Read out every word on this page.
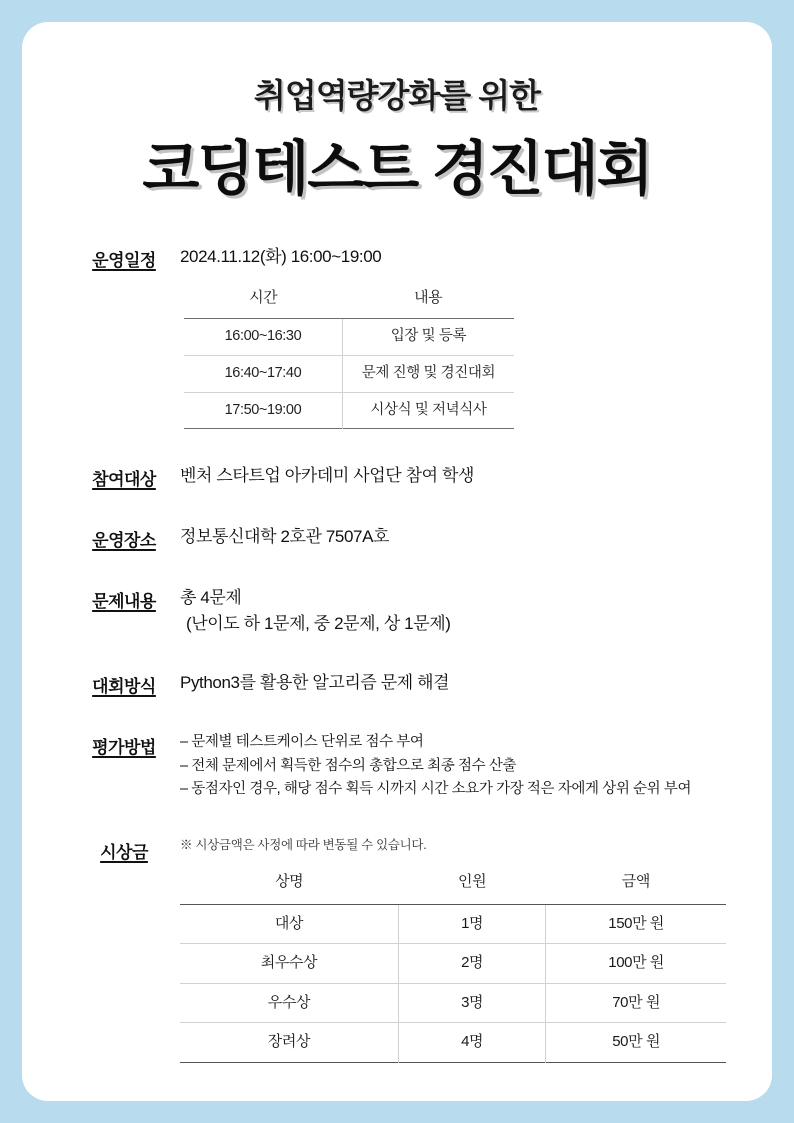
취업역량강화를 위한
코딩테스트 경진대회
운영일정	2024.11.12(화) 16:00~19:00
시간	내용
16:00~16:30	입장 및 등록
16:40~17:40	문제 진행 및 경진대회
17:50~19:00	시상식 및 저녁식사
참여대상	벤처 스타트업 아카데미 사업단 참여 학생
운영장소	정보통신대학 2호관 7507A호
문제내용	총 4문제
(난이도 하 1문제, 중 2문제, 상 1문제)
대회방식	Python3를 활용한 알고리즘 문제 해결
평가방법	– 문제별 테스트케이스 단위로 점수 부여
– 전체 문제에서 획득한 점수의 총합으로 최종 점수 산출
– 동점자인 경우, 해당 점수 획득 시까지 시간 소요가 가장 적은 자에게 상위 순위 부여
시상금	※ 시상금액은 사정에 따라 변동될 수 있습니다.
상명	인원	금액
대상	1명	150만 원
최우수상	2명	100만 원
우수상	3명	70만 원
장려상	4명	50만 원
